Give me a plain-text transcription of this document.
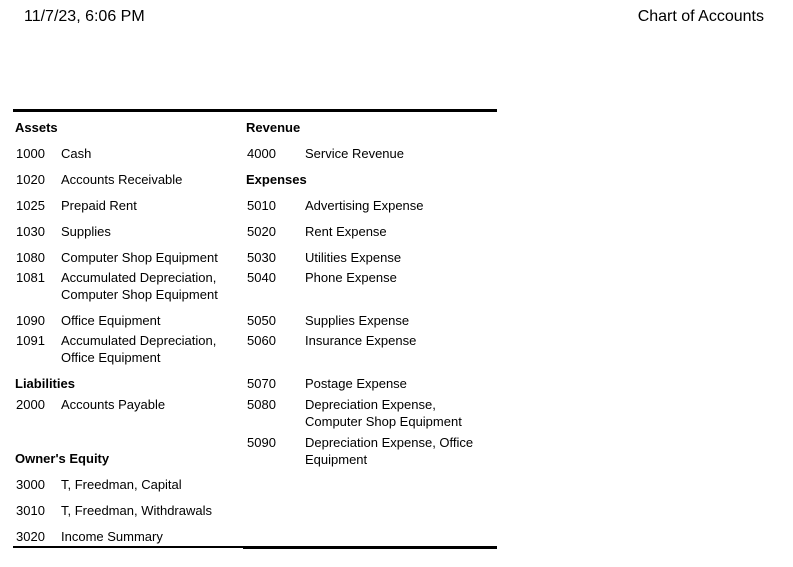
11/7/23, 6:06 PM	Chart of Accounts
Assets
1000 Cash
1020 Accounts Receivable
1025 Prepaid Rent
1030 Supplies
1080 Computer Shop Equipment
1081 Accumulated Depreciation,
Computer Shop Equipment
1090 Office Equipment
1091 Accumulated Depreciation,
Office Equipment
Liabilities
2000 Accounts Payable
Owner's Equity
3000 T, Freedman, Capital
3010 T, Freedman, Withdrawals
3020 Income Summary
Revenue
4000 Service Revenue
Expenses
5010 Advertising Expense
5020 Rent Expense
5030 Utilities Expense
5040 Phone Expense
5050 Supplies Expense
5060 Insurance Expense
5070 Postage Expense
5080 Depreciation Expense,
Computer Shop Equipment
5090 Depreciation Expense, Office
Equipment
